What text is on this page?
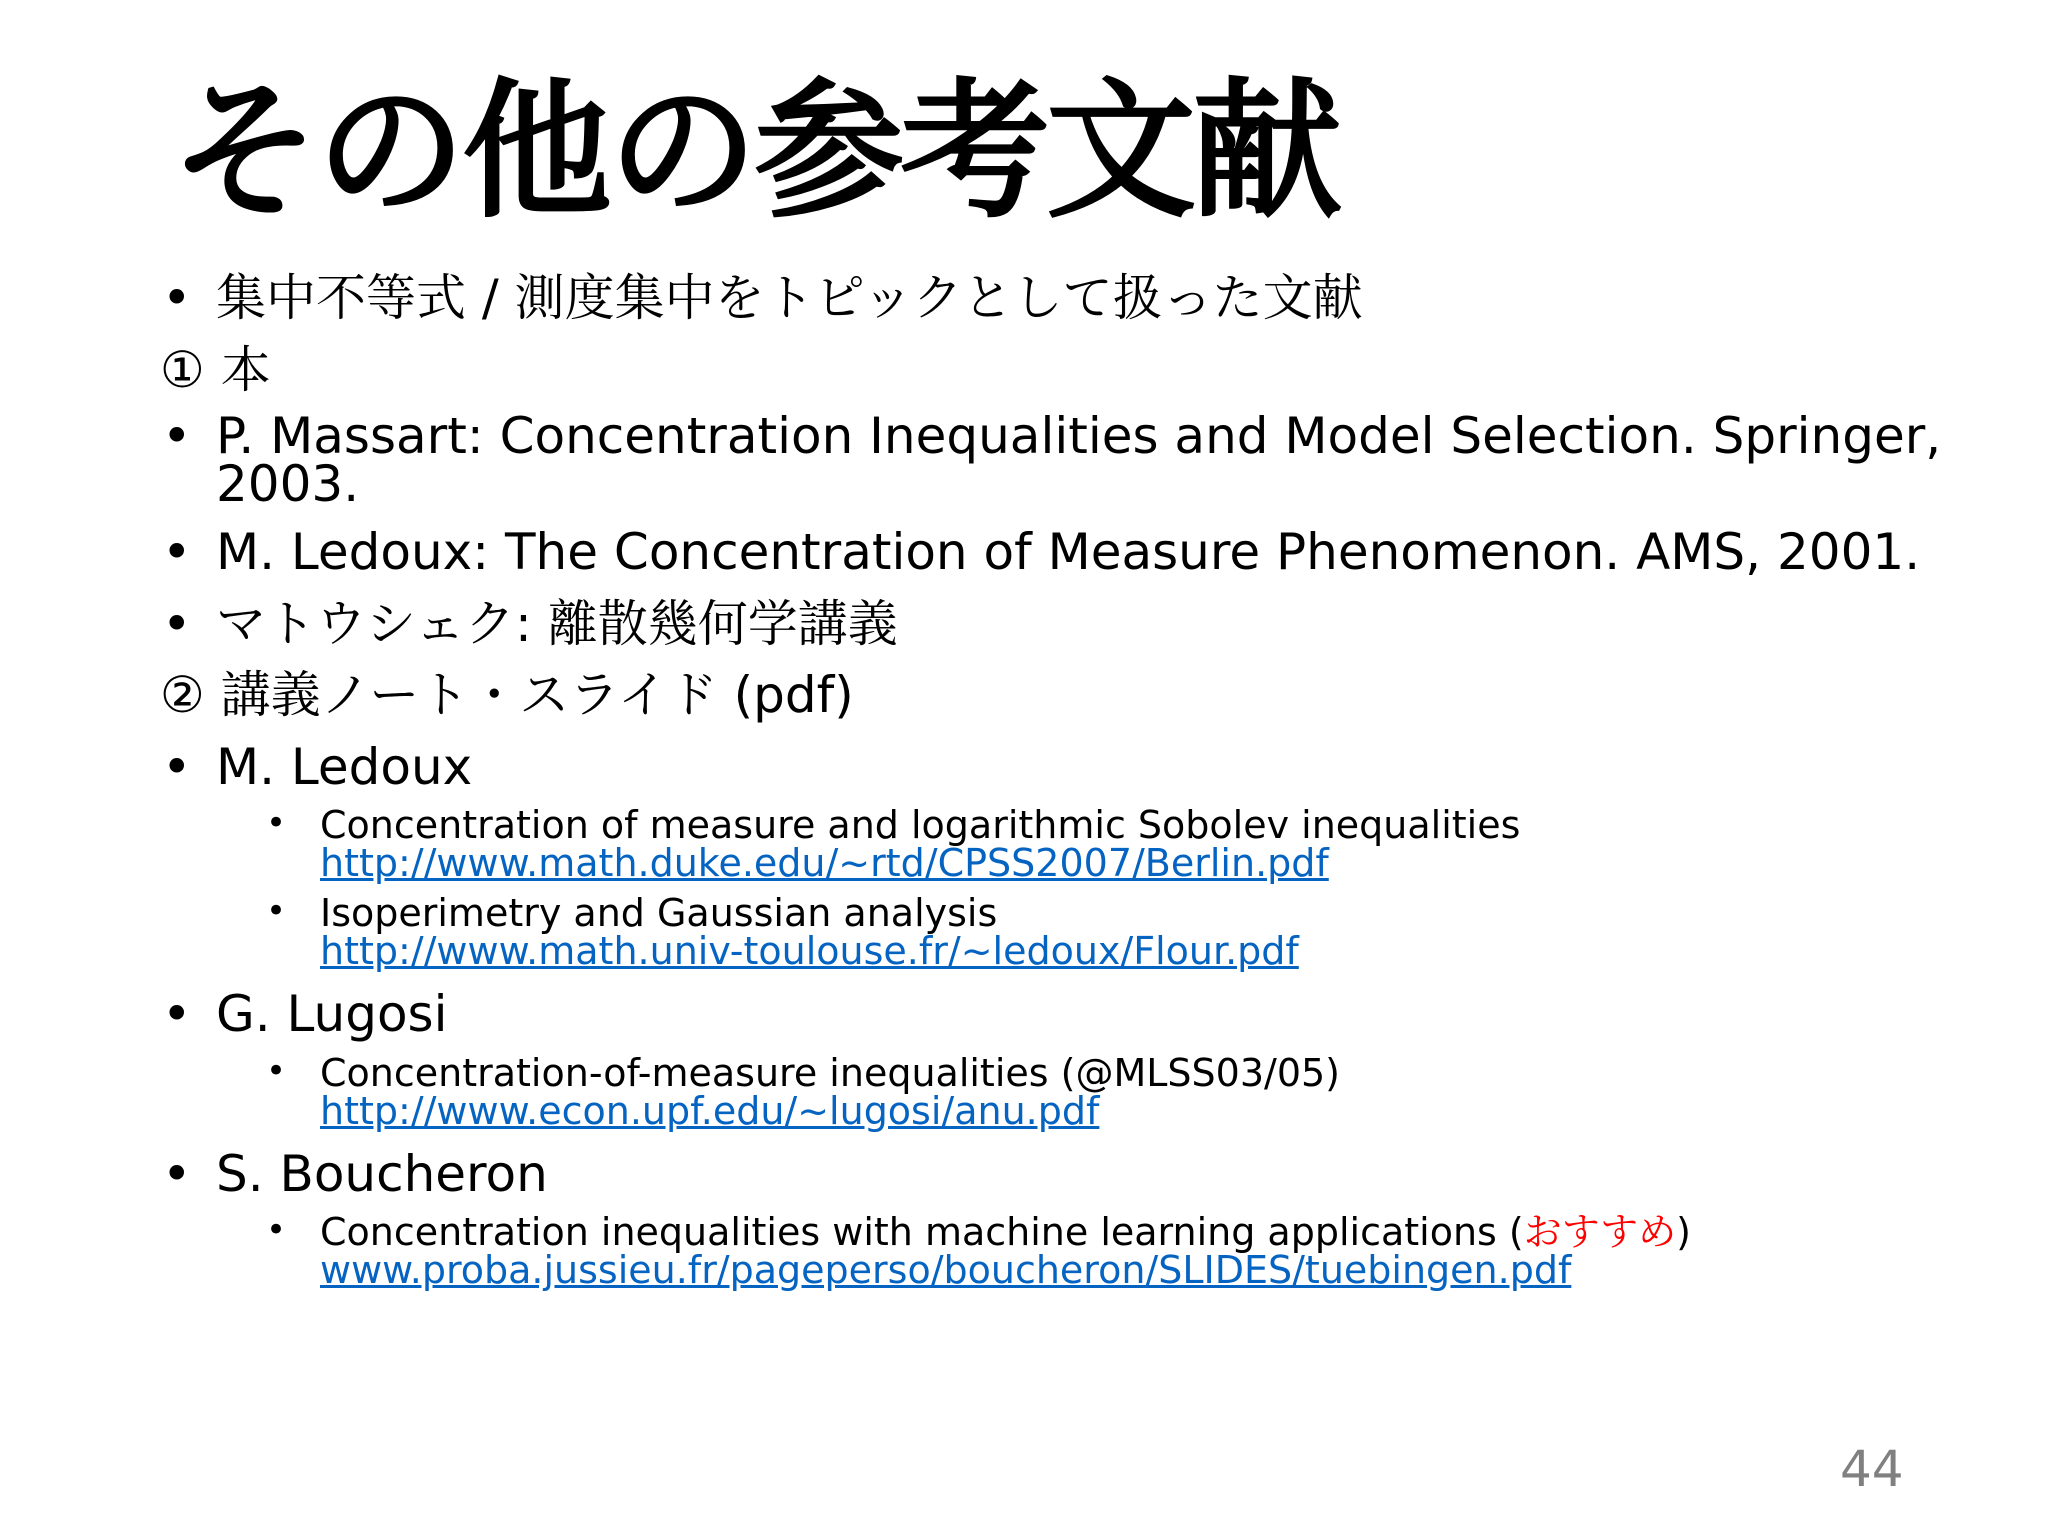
その他の参考文献
• 集中不等式 / 測度集中をトピックとして扱った文献
① 本
• P. Massart: Concentration Inequalities and Model Selection. Springer,
2003.
• M. Ledoux: The Concentration of Measure Phenomenon. AMS, 2001.
• マトウシェク: 離散幾何学講義
② 講義ノート・スライド (pdf)
• M. Ledoux
• Concentration of measure and logarithmic Sobolev inequalities
http://www.math.duke.edu/~rtd/CPSS2007/Berlin.pdf
• Isoperimetry and Gaussian analysis
http://www.math.univ-toulouse.fr/~ledoux/Flour.pdf
• G. Lugosi
• Concentration-of-measure inequalities (@MLSS03/05)
http://www.econ.upf.edu/~lugosi/anu.pdf
• S. Boucheron
• Concentration inequalities with machine learning applications (おすすめ)
www.proba.jussieu.fr/pageperso/boucheron/SLIDES/tuebingen.pdf
44
